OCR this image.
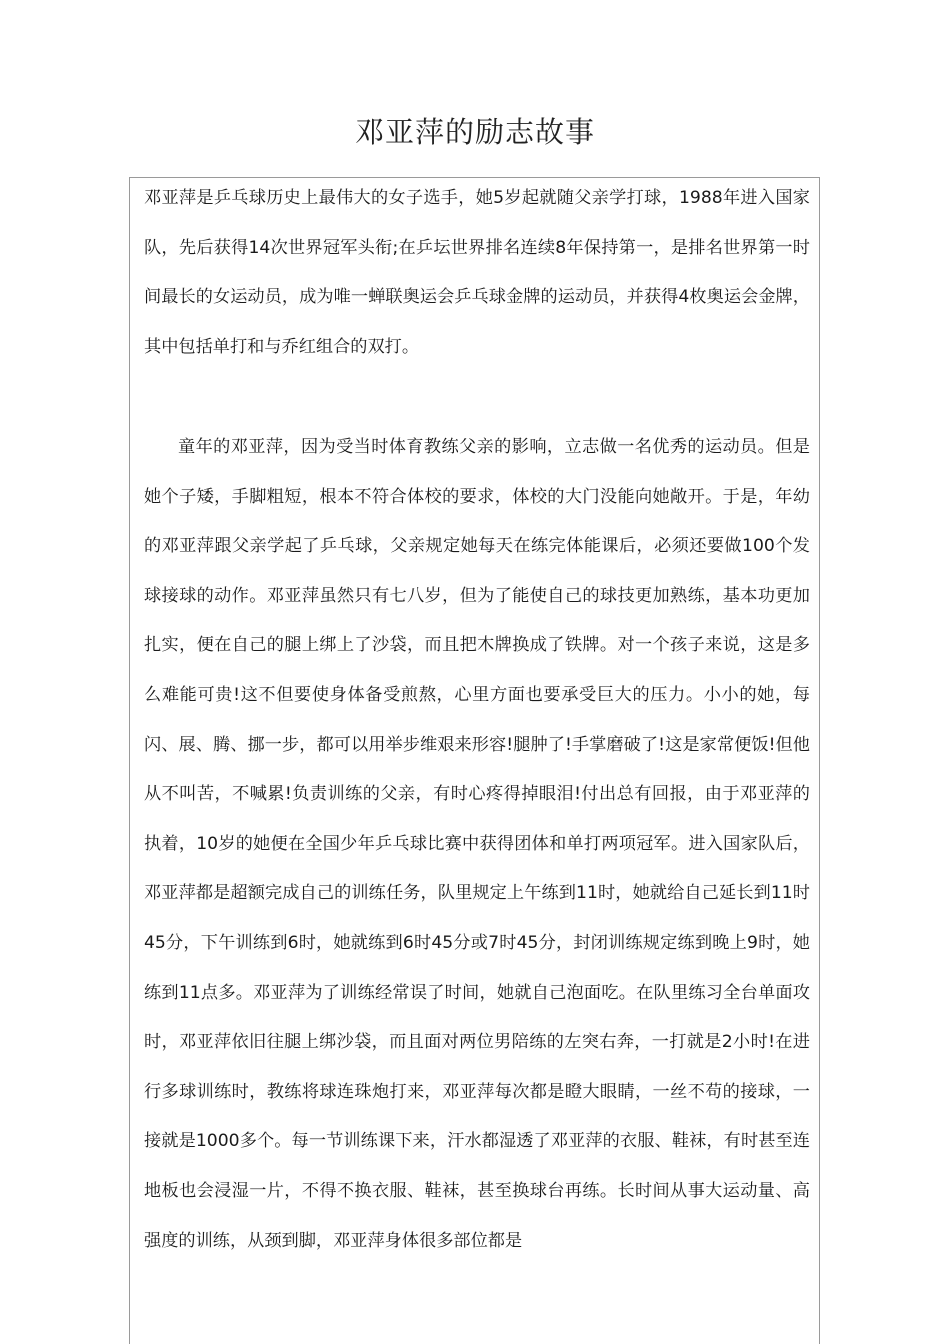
邓亚萍的励志故事

邓亚萍是乒乓球历史上最伟大的女子选手，她5岁起就随父亲学打球，1988年进入国家队，先后获得14次世界冠军头衔;在乒坛世界排名连续8年保持第一，是排名世界第一时间最长的女运动员，成为唯一蝉联奥运会乒乓球金牌的运动员，并获得4枚奥运会金牌，其中包括单打和与乔红组合的双打。

童年的邓亚萍，因为受当时体育教练父亲的影响，立志做一名优秀的运动员。但是她个子矮，手脚粗短，根本不符合体校的要求，体校的大门没能向她敞开。于是，年幼的邓亚萍跟父亲学起了乒乓球，父亲规定她每天在练完体能课后，必须还要做100个发球接球的动作。邓亚萍虽然只有七八岁，但为了能使自己的球技更加熟练，基本功更加扎实，便在自己的腿上绑上了沙袋，而且把木牌换成了铁牌。对一个孩子来说，这是多么难能可贵!这不但要使身体备受煎熬，心里方面也要承受巨大的压力。小小的她，每闪、展、腾、挪一步，都可以用举步维艰来形容!腿肿了!手掌磨破了!这是家常便饭!但他从不叫苦，不喊累!负责训练的父亲，有时心疼得掉眼泪!付出总有回报，由于邓亚萍的执着，10岁的她便在全国少年乒乓球比赛中获得团体和单打两项冠军。进入国家队后，邓亚萍都是超额完成自己的训练任务，队里规定上午练到11时，她就给自己延长到11时45分，下午训练到6时，她就练到6时45分或7时45分，封闭训练规定练到晚上9时，她练到11点多。邓亚萍为了训练经常误了时间，她就自己泡面吃。在队里练习全台单面攻时，邓亚萍依旧往腿上绑沙袋，而且面对两位男陪练的左突右奔，一打就是2小时!在进行多球训练时，教练将球连珠炮打来，邓亚萍每次都是瞪大眼睛，一丝不苟的接球，一接就是1000多个。每一节训练课下来，汗水都湿透了邓亚萍的衣服、鞋袜，有时甚至连地板也会浸湿一片，不得不换衣服、鞋袜，甚至换球台再练。长时间从事大运动量、高强度的训练，从颈到脚，邓亚萍身体很多部位都是
